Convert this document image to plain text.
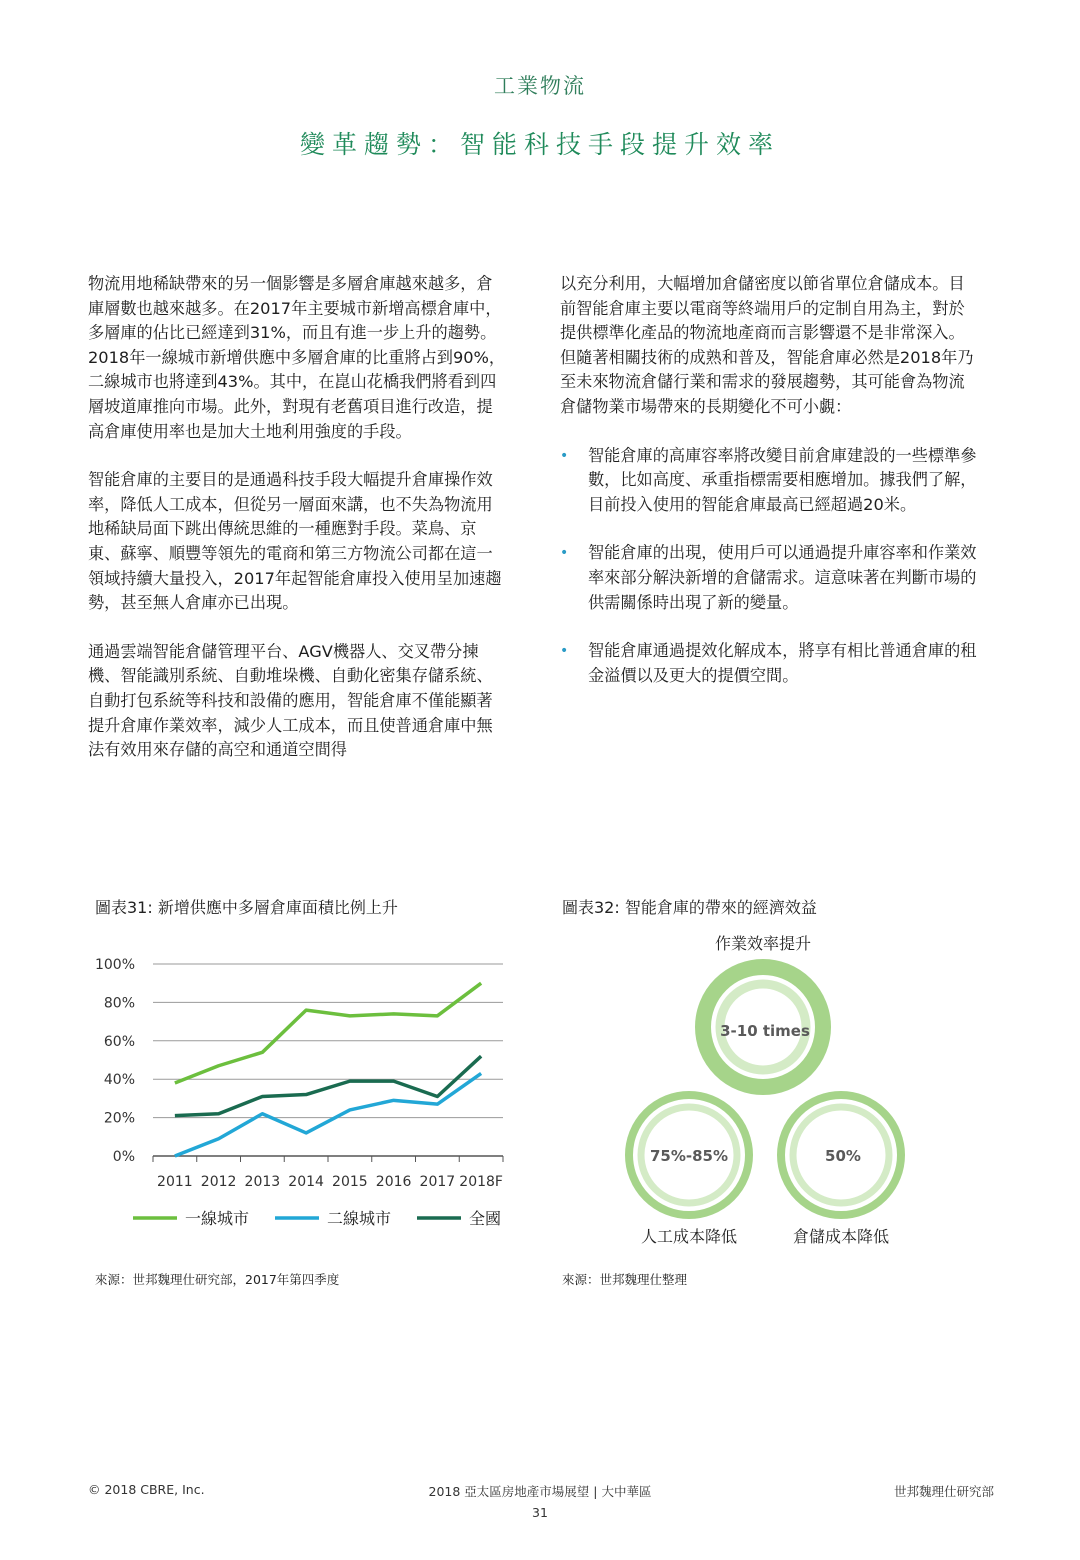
工業物流
變革趨勢：智能科技手段提升效率

物流用地稀缺帶來的另一個影響是多層倉庫越來越多，倉庫層數也越來越多。在2017年主要城市新增高標倉庫中，多層庫的佔比已經達到31%，而且有進一步上升的趨勢。 2018年一線城市新增供應中多層倉庫的比重將占到90%，二線城市也將達到43%。其中，在崑山花橋我們將看到四層坡道庫推向市場。此外，對現有老舊項目進行改造，提高倉庫使用率也是加大土地利用強度的手段。

智能倉庫的主要目的是通過科技手段大幅提升倉庫操作效率，降低人工成本，但從另一層面來講，也不失為物流用地稀缺局面下跳出傳統思維的一種應對手段。菜鳥、京東、蘇寧、順豐等領先的電商和第三方物流公司都在這一領域持續大量投入，2017年起智能倉庫投入使用呈加速趨勢，甚至無人倉庫亦已出現。

通過雲端智能倉儲管理平台、AGV機器人、交叉帶分揀機、智能識別系統、自動堆垛機、自動化密集存儲系統、自動打包系統等科技和設備的應用，智能倉庫不僅能顯著提升倉庫作業效率，減少人工成本，而且使普通倉庫中無法有效用來存儲的高空和通道空間得

以充分利用，大幅增加倉儲密度以節省單位倉儲成本。目前智能倉庫主要以電商等終端用戶的定制自用為主，對於提供標準化產品的物流地產商而言影響還不是非常深入。但隨著相關技術的成熟和普及，智能倉庫必然是2018年乃至未來物流倉儲行業和需求的發展趨勢，其可能會為物流倉儲物業市場帶來的長期變化不可小覷：

• 智能倉庫的高庫容率將改變目前倉庫建設的一些標準參數，比如高度、承重指標需要相應增加。據我們了解，目前投入使用的智能倉庫最高已經超過20米。
• 智能倉庫的出現，使用戶可以通過提升庫容率和作業效率來部分解決新增的倉儲需求。這意味著在判斷市場的供需關係時出現了新的變量。
• 智能倉庫通過提效化解成本，將享有相比普通倉庫的租金溢價以及更大的提價空間。
圖表31: 新增供應中多層倉庫面積比例上升
0%
20%
40%
60%
80%
100%
2011 2012 2013 2014 2015 2016 2017 2018F
一線城市	二線城市	全國
來源：世邦魏理仕研究部，2017年第四季度
圖表32: 智能倉庫的帶來的經濟效益
作業效率提升
3-10 times
75%-85%
人工成本降低
50%
倉儲成本降低
來源：世邦魏理仕整理
© 2018 CBRE, Inc.	2018 亞太區房地產市場展望 | 大中華區
31
世邦魏理仕研究部
